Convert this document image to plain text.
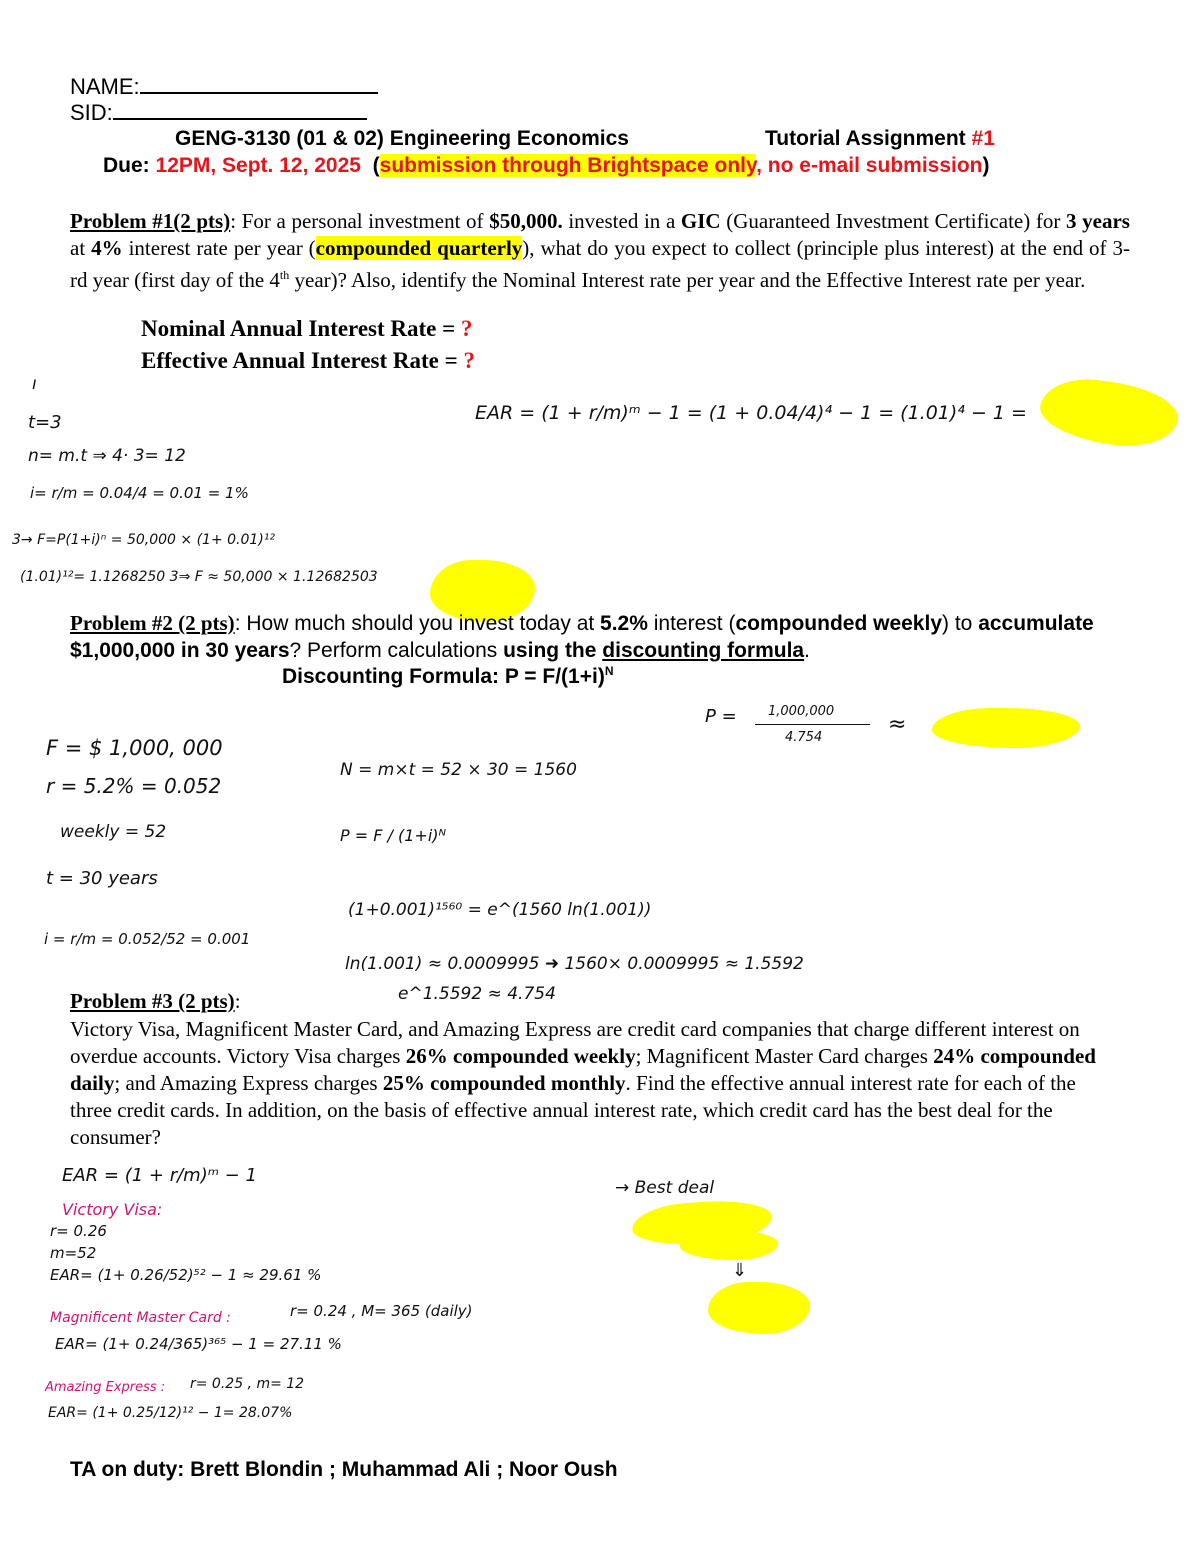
NAME:
SID:
GENG-3130 (01 & 02) Engineering Economics	Tutorial Assignment #1
Due: 12PM, Sept. 12, 2025 (submission through Brightspace only, no e-mail submission)
Problem #1(2 pts): For a personal investment of $50,000. invested in a GIC (Guaranteed Investment Certificate) for 3 years at 4% interest rate per year (compounded quarterly), what do you expect to collect (principle plus interest) at the end of 3-rd year (first day of the 4th year)? Also, identify the Nominal Interest rate per year and the Effective Interest rate per year.
Nominal Annual Interest Rate = ?
Effective Annual Interest Rate = ?
ı
t=3
n= m.t ⇒ 4· 3= 12
i= r/m = 0.04/4 = 0.01 = 1%
3→ F=P(1+i)ⁿ = 50,000 × (1+ 0.01)¹²
(1.01)¹²= 1.1268250 3⇒ F ≈ 50,000 × 1.12682503
EAR = (1 + r/m)ᵐ − 1 = (1 + 0.04/4)⁴ − 1 = (1.01)⁴ − 1 =
Problem #2 (2 pts): How much should you invest today at 5.2% interest (compounded weekly) to accumulate $1,000,000 in 30 years? Perform calculations using the discounting formula.
Discounting Formula: $P = F/(1+i)^N$
P = 1,000,000
4.754
≈
F = $ 1,000, 000
r = 5.2% = 0.052
weekly = 52
t = 30 years
i = r/m = 0.052/52 = 0.001
N = m×t = 52 × 30 = 1560
P = F / (1+i)ᴺ
(1+0.001)¹⁵⁶⁰ = e^(1560 ln(1.001))
ln(1.001) ≈ 0.0009995 ➜ 1560× 0.0009995 ≈ 1.5592
e^1.5592 ≈ 4.754
Problem #3 (2 pts):
Victory Visa, Magnificent Master Card, and Amazing Express are credit card companies that charge different interest on overdue accounts. Victory Visa charges 26% compounded weekly; Magnificent Master Card charges 24% compounded daily; and Amazing Express charges 25% compounded monthly. Find the effective annual interest rate for each of the three credit cards. In addition, on the basis of effective annual interest rate, which credit card has the best deal for the consumer?
EAR = (1 + r/m)ᵐ − 1
Victory Visa:
r= 0.26
m=52
EAR= (1+ 0.26/52)⁵² − 1 ≈ 29.61 %
Magnificent Master Card :	r= 0.24 , M= 365 (daily)
EAR= (1+ 0.24/365)³⁶⁵ − 1 = 27.11 %
Amazing Express : r= 0.25 , m= 12
EAR= (1+ 0.25/12)¹² − 1= 28.07%
→ Best deal
⇓
TA on duty: Brett Blondin ; Muhammad Ali ; Noor Oush
